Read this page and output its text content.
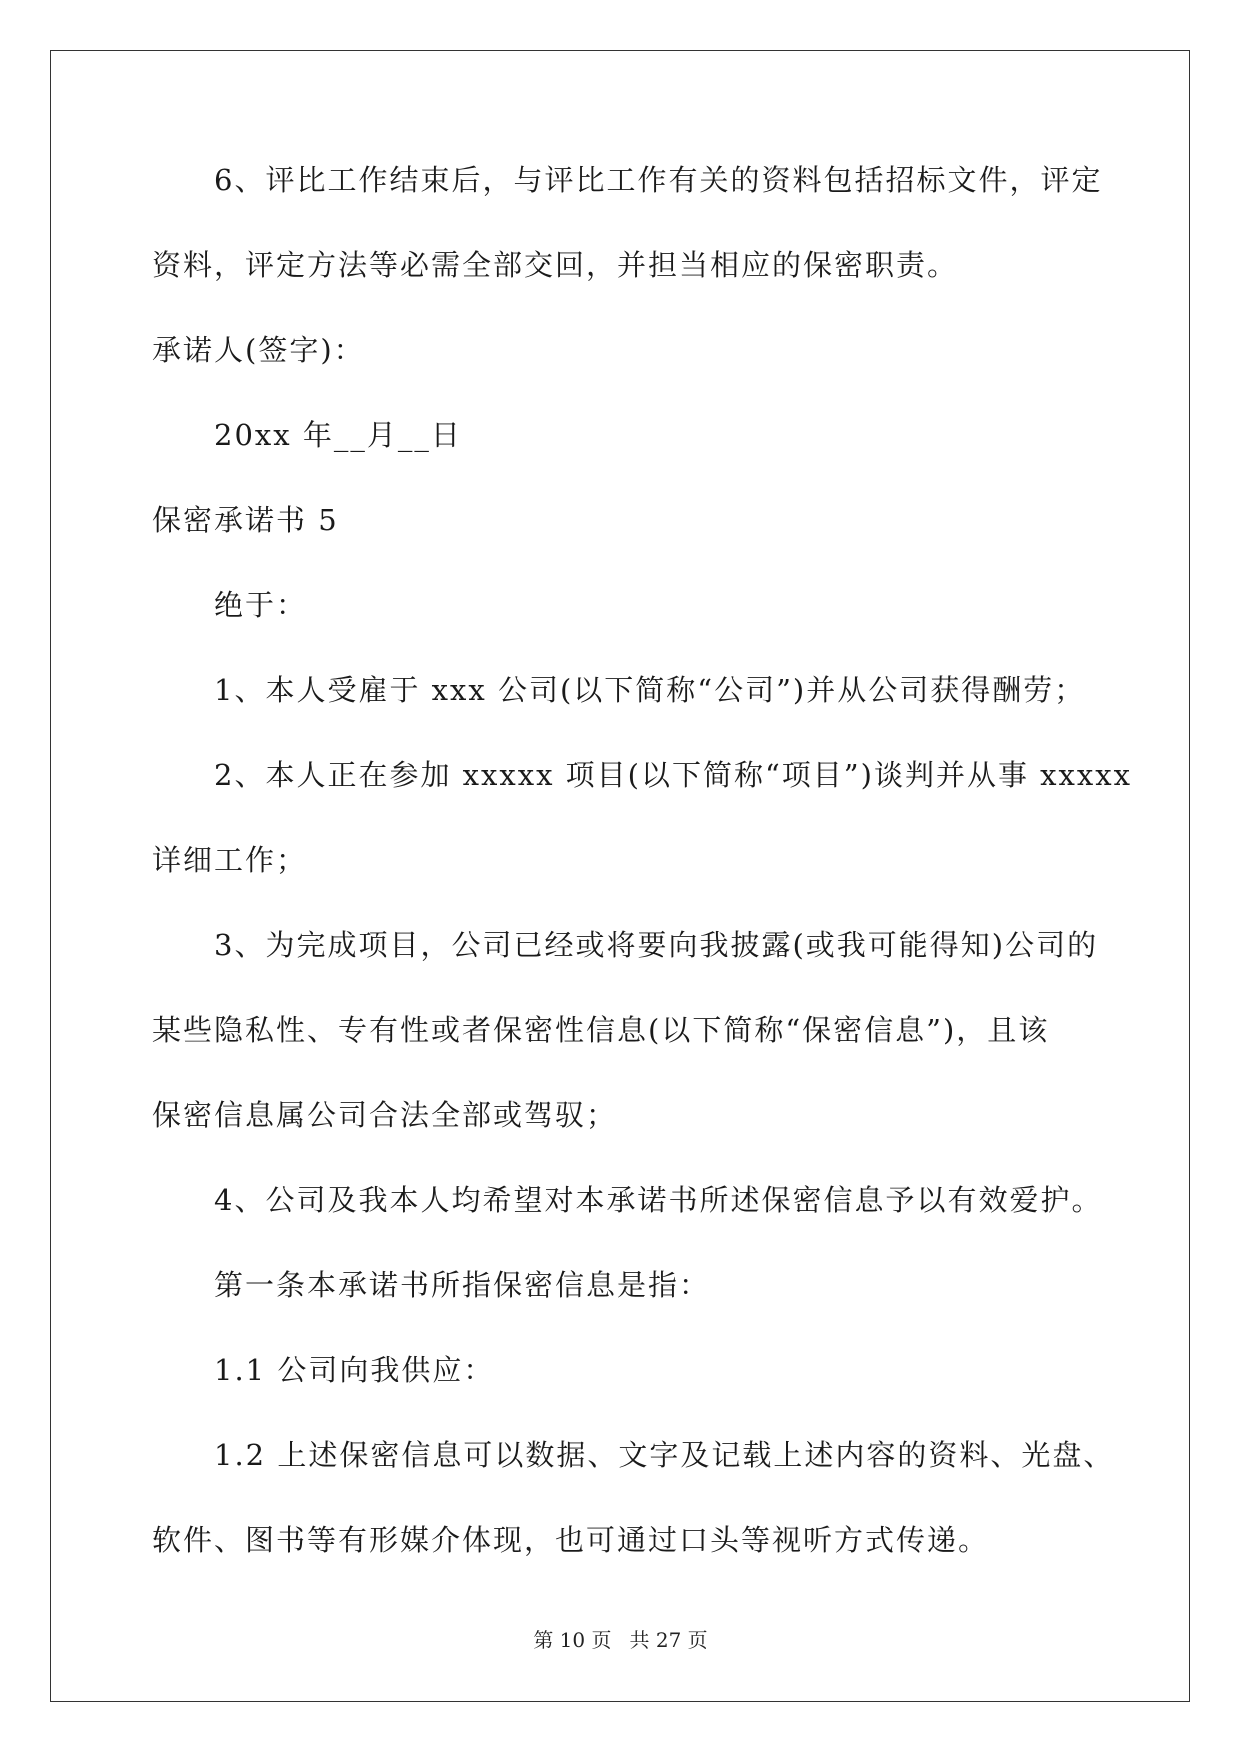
6、评比工作结束后，与评比工作有关的资料包括招标文件，评定
资料，评定方法等必需全部交回，并担当相应的保密职责。
承诺人(签字)：
20xx 年__月__日
保密承诺书 5
绝于：
1、本人受雇于 xxx 公司(以下简称“公司”)并从公司获得酬劳；
2、本人正在参加 xxxxx 项目(以下简称“项目”)谈判并从事 xxxxx
详细工作；
3、为完成项目，公司已经或将要向我披露(或我可能得知)公司的
某些隐私性、专有性或者保密性信息(以下简称“保密信息”)，且该
保密信息属公司合法全部或驾驭；
4、公司及我本人均希望对本承诺书所述保密信息予以有效爱护。
第一条本承诺书所指保密信息是指：
1.1 公司向我供应：
1.2 上述保密信息可以数据、文字及记载上述内容的资料、光盘、
软件、图书等有形媒介体现，也可通过口头等视听方式传递。
第 10 页 共 27 页
